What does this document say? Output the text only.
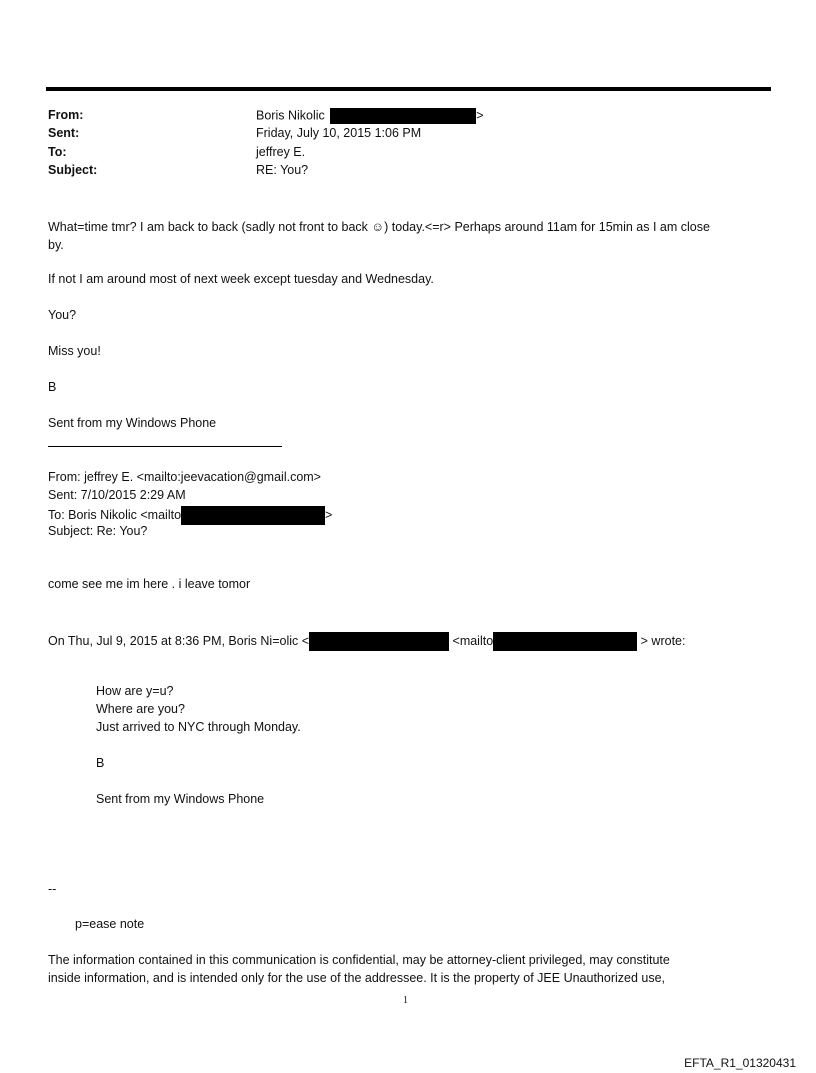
From:	Boris Nikolic	>
Sent:	Friday, July 10, 2015 1:06 PM
To:	jeffrey E.
Subject:	RE: You?
What=time tmr? I am back to back (sadly not front to back ☺) today.<=r> Perhaps around 11am for 15min as I am close
by.
If not I am around most of next week except tuesday and Wednesday.
You?
Miss you!
B
Sent from my Windows Phone
From: jeffrey E. <mailto:jeevacation@gmail.com>
Sent: 7/10/2015 2:29 AM
To: Boris Nikolic <mailto	>
Subject: Re: You?
come see me im here . i leave tomor
On Thu, Jul 9, 2015 at 8:36 PM, Boris Ni=olic <	<mailto	> wrote:
How are y=u?
Where are you?
Just arrived to NYC through Monday.
B
Sent from my Windows Phone
--
p=ease note
The information contained in this communication is confidential, may be attorney-client privileged, may constitute
inside information, and is intended only for the use of the addressee. It is the property of JEE Unauthorized use,
1
EFTA_R1_01320431
